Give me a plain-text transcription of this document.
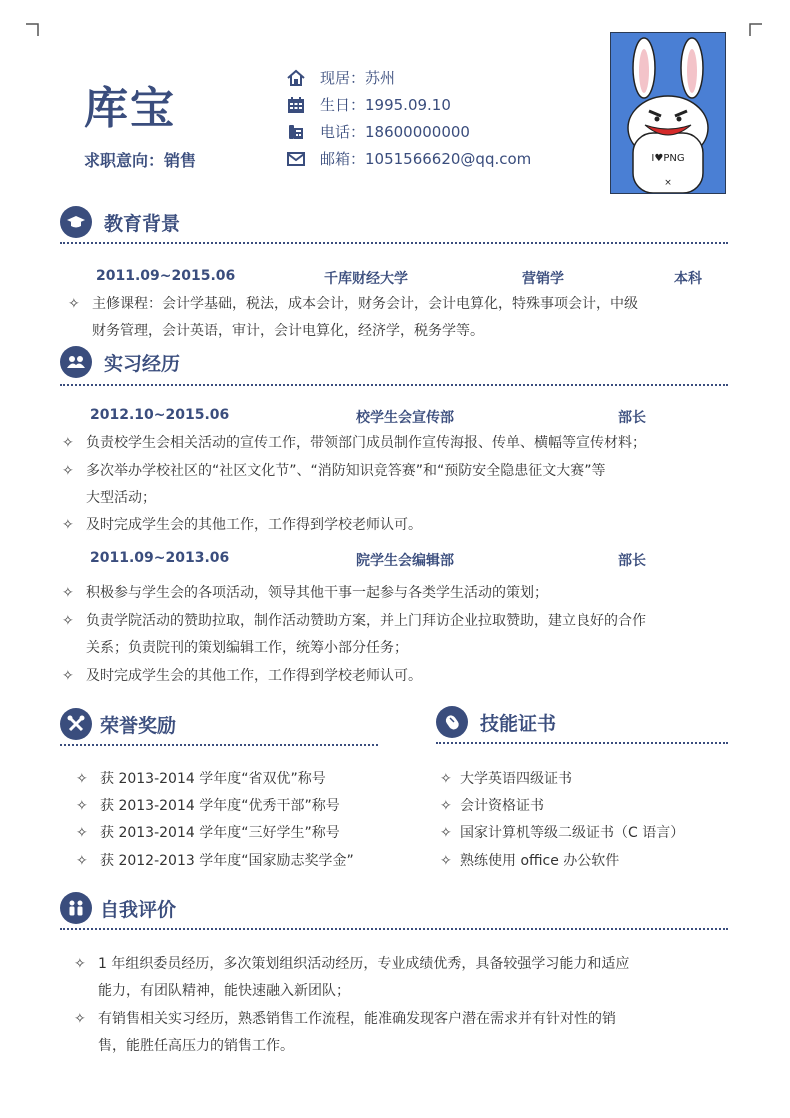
库宝
求职意向：销售
现居：苏州
生日：1995.09.10
电话：18600000000
邮箱：1051566620@qq.com	I♥PNG
×
教育背景
2011.09~2015.06	千库财经大学	营销学	本科
✧ 主修课程：会计学基础，税法，成本会计，财务会计，会计电算化，特殊事项会计，中级
财务管理，会计英语，审计，会计电算化，经济学，税务学等。
实习经历
2012.10~2015.06	校学生会宣传部	部长
✧ 负责校学生会相关活动的宣传工作，带领部门成员制作宣传海报、传单、横幅等宣传材料；
✧ 多次举办学校社区的“社区文化节”、“消防知识竞答赛”和“预防安全隐患征文大赛”等
大型活动；
✧ 及时完成学生会的其他工作，工作得到学校老师认可。
2011.09~2013.06	院学生会编辑部	部长
✧ 积极参与学生会的各项活动，领导其他干事一起参与各类学生活动的策划；
✧ 负责学院活动的赞助拉取，制作活动赞助方案，并上门拜访企业拉取赞助，建立良好的合作
关系；负责院刊的策划编辑工作，统筹小部分任务；
✧ 及时完成学生会的其他工作，工作得到学校老师认可。
荣誉奖励
✧ 获 2013-2014 学年度“省双优”称号
✧ 获 2013-2014 学年度“优秀干部”称号
✧ 获 2013-2014 学年度“三好学生”称号
✧ 获 2012-2013 学年度“国家励志奖学金”
技能证书
✧ 大学英语四级证书
✧ 会计资格证书
✧ 国家计算机等级二级证书（C 语言）
✧ 熟练使用 office 办公软件
自我评价
✧ 1 年组织委员经历，多次策划组织活动经历，专业成绩优秀，具备较强学习能力和适应
能力，有团队精神，能快速融入新团队；
✧ 有销售相关实习经历，熟悉销售工作流程，能准确发现客户潜在需求并有针对性的销
售，能胜任高压力的销售工作。
